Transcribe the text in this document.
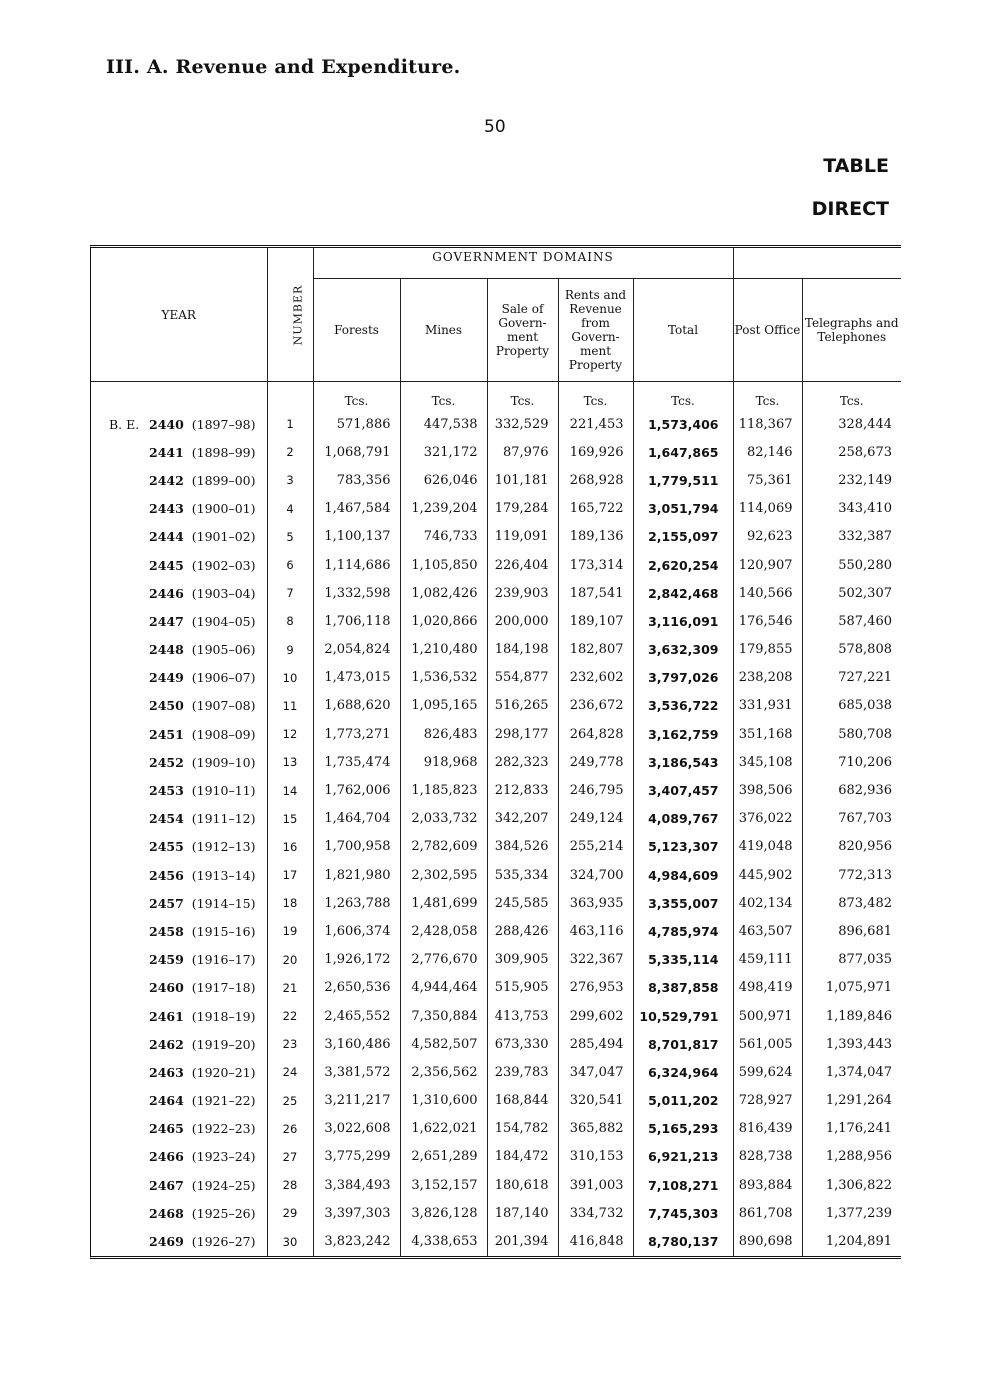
III. A. Revenue and Expenditure.
50
TABLE
DIRECT
YEAR	NUMBER	GOVERNMENT DOMAINS						
		Forests	Mines	Sale of Govern- ment Property	Rents and Revenue from Govern- ment Property	Total	Post Office	Telegraphs and Telephones
		Tcs.	Tcs.	Tcs.	Tcs.	Tcs.	Tcs.	Tcs.
B. E. 2440 (1897–98)	1	571,886	447,538	332,529	221,453	1,573,406	118,367	328,444
2441 (1898–99)	2	1,068,791	321,172	87,976	169,926	1,647,865	82,146	258,673
2442 (1899–00)	3	783,356	626,046	101,181	268,928	1,779,511	75,361	232,149
2443 (1900–01)	4	1,467,584	1,239,204	179,284	165,722	3,051,794	114,069	343,410
2444 (1901–02)	5	1,100,137	746,733	119,091	189,136	2,155,097	92,623	332,387
2445 (1902–03)	6	1,114,686	1,105,850	226,404	173,314	2,620,254	120,907	550,280
2446 (1903–04)	7	1,332,598	1,082,426	239,903	187,541	2,842,468	140,566	502,307
2447 (1904–05)	8	1,706,118	1,020,866	200,000	189,107	3,116,091	176,546	587,460
2448 (1905–06)	9	2,054,824	1,210,480	184,198	182,807	3,632,309	179,855	578,808
2449 (1906–07)	10	1,473,015	1,536,532	554,877	232,602	3,797,026	238,208	727,221
2450 (1907–08)	11	1,688,620	1,095,165	516,265	236,672	3,536,722	331,931	685,038
2451 (1908–09)	12	1,773,271	826,483	298,177	264,828	3,162,759	351,168	580,708
2452 (1909–10)	13	1,735,474	918,968	282,323	249,778	3,186,543	345,108	710,206
2453 (1910–11)	14	1,762,006	1,185,823	212,833	246,795	3,407,457	398,506	682,936
2454 (1911–12)	15	1,464,704	2,033,732	342,207	249,124	4,089,767	376,022	767,703
2455 (1912–13)	16	1,700,958	2,782,609	384,526	255,214	5,123,307	419,048	820,956
2456 (1913–14)	17	1,821,980	2,302,595	535,334	324,700	4,984,609	445,902	772,313
2457 (1914–15)	18	1,263,788	1,481,699	245,585	363,935	3,355,007	402,134	873,482
2458 (1915–16)	19	1,606,374	2,428,058	288,426	463,116	4,785,974	463,507	896,681
2459 (1916–17)	20	1,926,172	2,776,670	309,905	322,367	5,335,114	459,111	877,035
2460 (1917–18)	21	2,650,536	4,944,464	515,905	276,953	8,387,858	498,419	1,075,971
2461 (1918–19)	22	2,465,552	7,350,884	413,753	299,602	10,529,791	500,971	1,189,846
2462 (1919–20)	23	3,160,486	4,582,507	673,330	285,494	8,701,817	561,005	1,393,443
2463 (1920–21)	24	3,381,572	2,356,562	239,783	347,047	6,324,964	599,624	1,374,047
2464 (1921–22)	25	3,211,217	1,310,600	168,844	320,541	5,011,202	728,927	1,291,264
2465 (1922–23)	26	3,022,608	1,622,021	154,782	365,882	5,165,293	816,439	1,176,241
2466 (1923–24)	27	3,775,299	2,651,289	184,472	310,153	6,921,213	828,738	1,288,956
2467 (1924–25)	28	3,384,493	3,152,157	180,618	391,003	7,108,271	893,884	1,306,822
2468 (1925–26)	29	3,397,303	3,826,128	187,140	334,732	7,745,303	861,708	1,377,239
2469 (1926–27)	30	3,823,242	4,338,653	201,394	416,848	8,780,137	890,698	1,204,891
